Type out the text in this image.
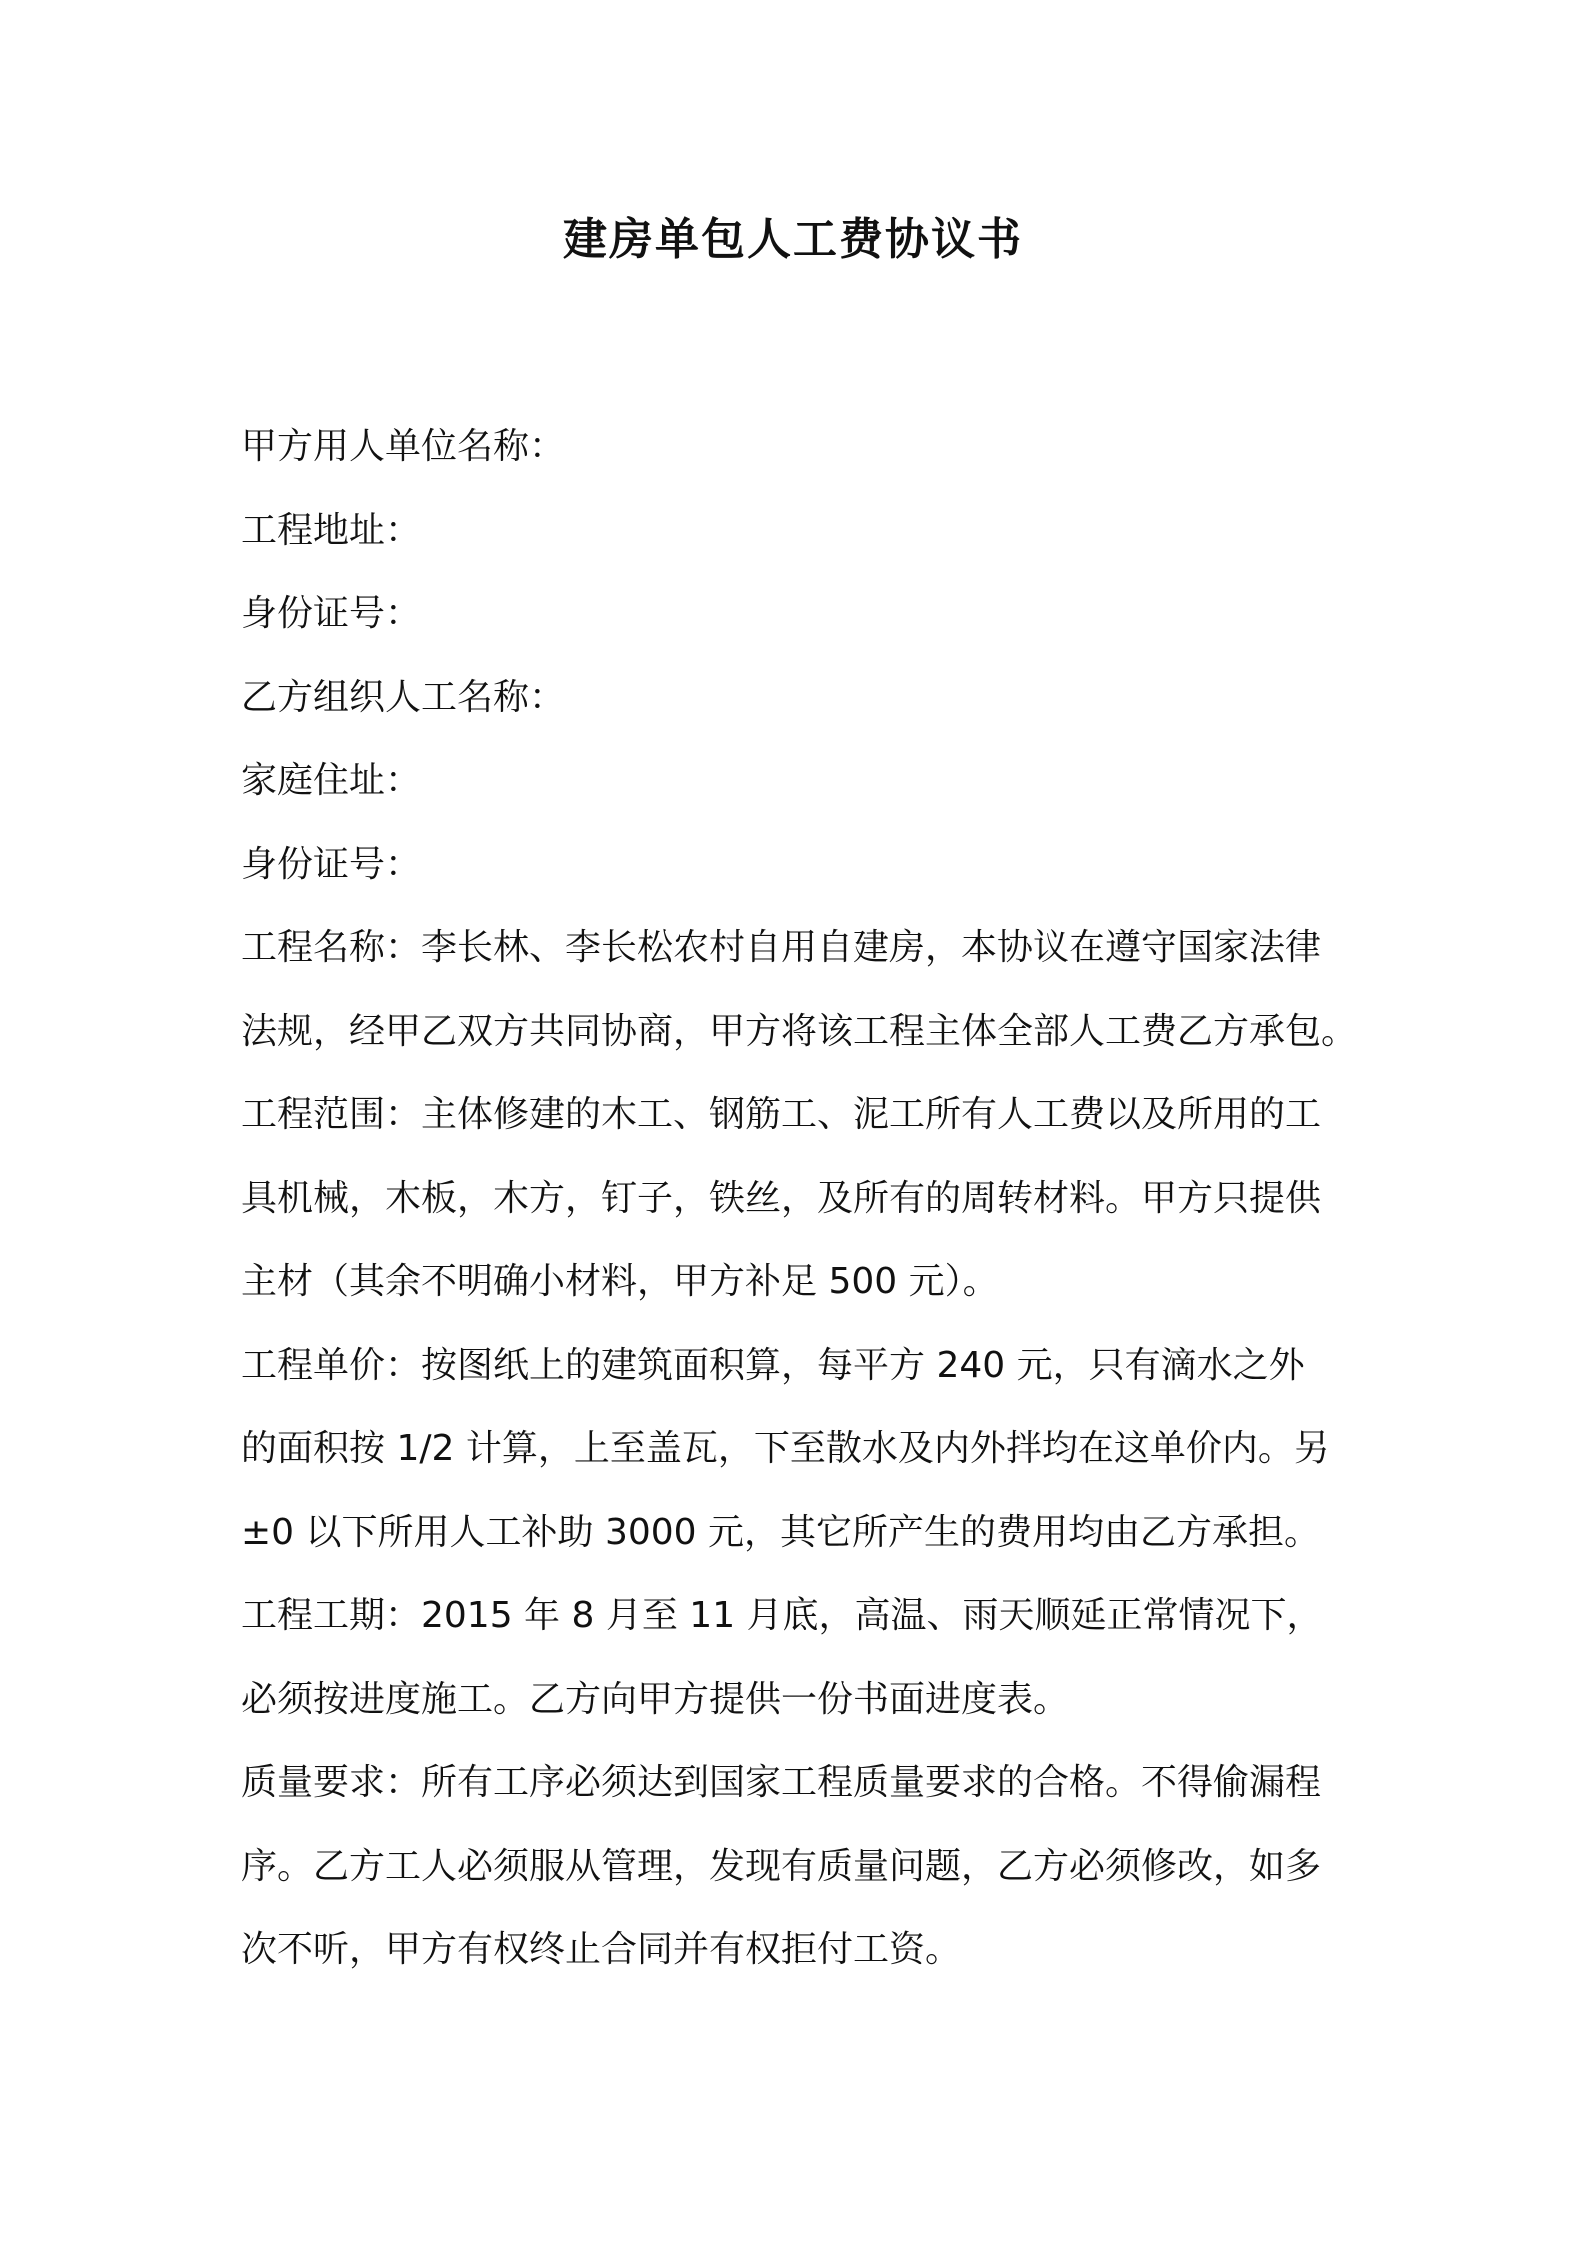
建房单包人工费协议书
甲方用人单位名称：
工程地址：
身份证号：
乙方组织人工名称：
家庭住址：
身份证号：
工程名称：李长林、李长松农村自用自建房，本协议在遵守国家法律
法规，经甲乙双方共同协商，甲方将该工程主体全部人工费乙方承包。
工程范围：主体修建的木工、钢筋工、泥工所有人工费以及所用的工
具机械，木板，木方，钉子，铁丝，及所有的周转材料。甲方只提供
主材（其余不明确小材料，甲方补足 500 元）。
工程单价：按图纸上的建筑面积算，每平方 240 元，只有滴水之外
的面积按 1/2 计算，上至盖瓦，下至散水及内外拌均在这单价内。另
±0 以下所用人工补助 3000 元，其它所产生的费用均由乙方承担。
工程工期：2015 年 8 月至 11 月底，高温、雨天顺延正常情况下，
必须按进度施工。乙方向甲方提供一份书面进度表。
质量要求：所有工序必须达到国家工程质量要求的合格。不得偷漏程
序。乙方工人必须服从管理，发现有质量问题，乙方必须修改，如多
次不听，甲方有权终止合同并有权拒付工资。
